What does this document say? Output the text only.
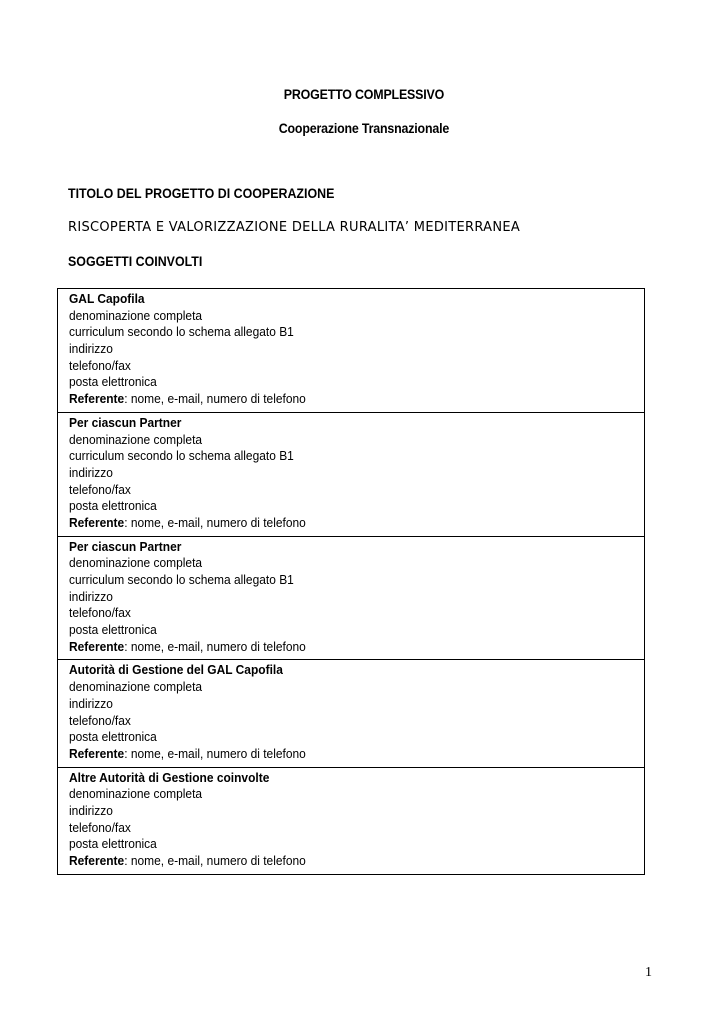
PROGETTO COMPLESSIVO
Cooperazione Transnazionale
TITOLO DEL PROGETTO DI COOPERAZIONE
RISCOPERTA E VALORIZZAZIONE DELLA RURALITA’ MEDITERRANEA
SOGGETTI COINVOLTI
GAL Capofila
denominazione completa
curriculum secondo lo schema allegato B1
indirizzo
telefono/fax
posta elettronica
Referente: nome, e-mail, numero di telefono
Per ciascun Partner
denominazione completa
curriculum secondo lo schema allegato B1
indirizzo
telefono/fax
posta elettronica
Referente: nome, e-mail, numero di telefono
Per ciascun Partner
denominazione completa
curriculum secondo lo schema allegato B1
indirizzo
telefono/fax
posta elettronica
Referente: nome, e-mail, numero di telefono
Autorità di Gestione del GAL Capofila
denominazione completa
indirizzo
telefono/fax
posta elettronica
Referente: nome, e-mail, numero di telefono
Altre Autorità di Gestione coinvolte
denominazione completa
indirizzo
telefono/fax
posta elettronica
Referente: nome, e-mail, numero di telefono
1
